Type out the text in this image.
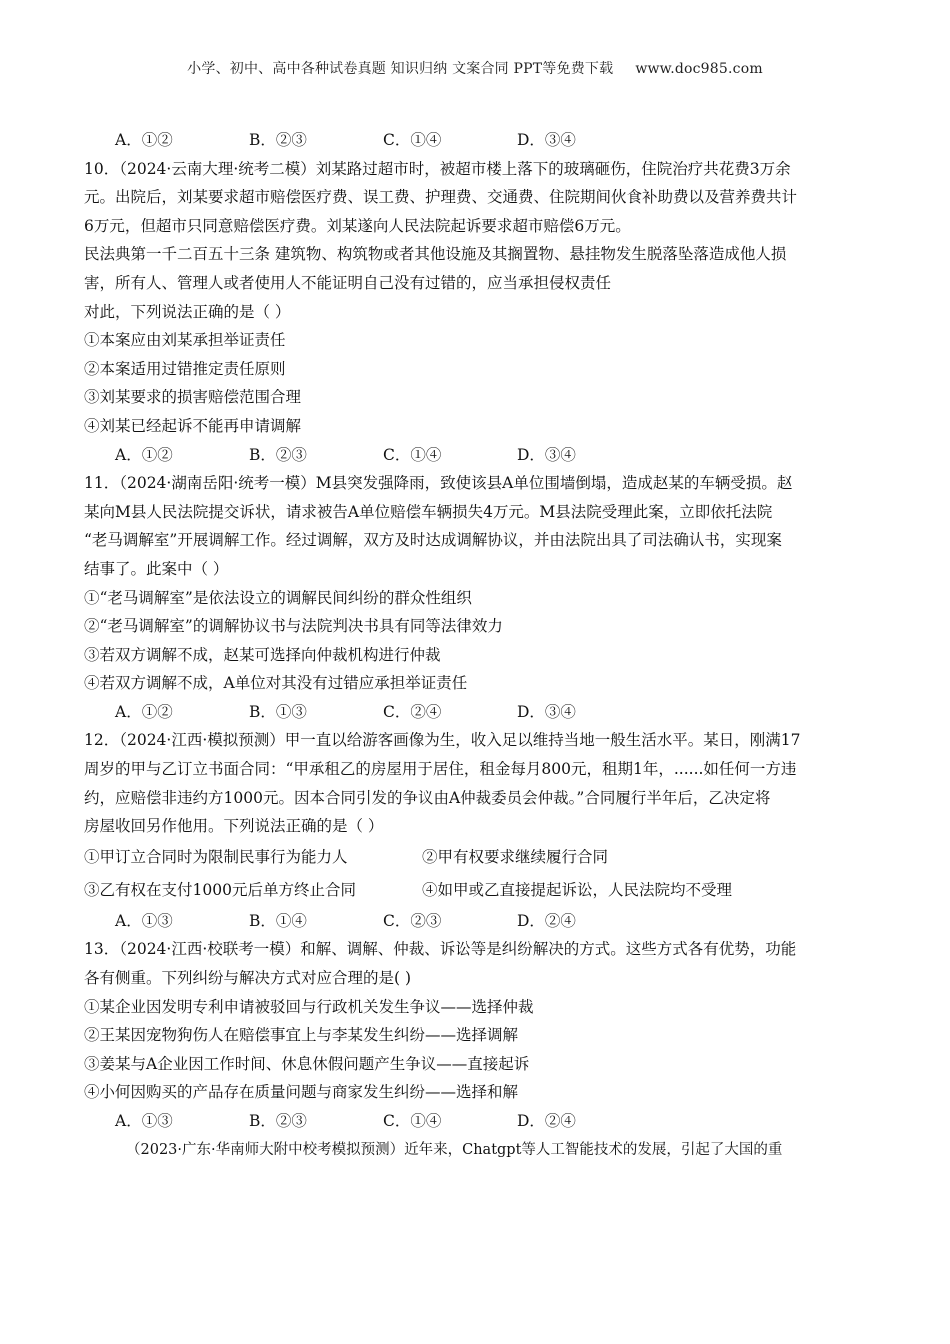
小学、初中、高中各种试卷真题 知识归纳 文案合同 PPT等免费下载 www.doc985.com
A．①②	B．②③	C．①④	D．③④
10．（2024·云南大理·统考二模）刘某路过超市时，被超市楼上落下的玻璃砸伤，住院治疗共花费3万余
元。出院后，刘某要求超市赔偿医疗费、误工费、护理费、交通费、住院期间伙食补助费以及营养费共计
6万元，但超市只同意赔偿医疗费。刘某遂向人民法院起诉要求超市赔偿6万元。
民法典第一千二百五十三条 建筑物、构筑物或者其他设施及其搁置物、悬挂物发生脱落坠落造成他人损
害，所有人、管理人或者使用人不能证明自己没有过错的，应当承担侵权责任
对此，下列说法正确的是（ ）
①本案应由刘某承担举证责任
②本案适用过错推定责任原则
③刘某要求的损害赔偿范围合理
④刘某已经起诉不能再申请调解
A．①②	B．②③	C．①④	D．③④
11．（2024·湖南岳阳·统考一模）M县突发强降雨，致使该县A单位围墙倒塌，造成赵某的车辆受损。赵
某向M县人民法院提交诉状，请求被告A单位赔偿车辆损失4万元。M县法院受理此案，立即依托法院
“老马调解室”开展调解工作。经过调解，双方及时达成调解协议，并由法院出具了司法确认书，实现案
结事了。此案中（ ）
①“老马调解室”是依法设立的调解民间纠纷的群众性组织
②“老马调解室”的调解协议书与法院判决书具有同等法律效力
③若双方调解不成，赵某可选择向仲裁机构进行仲裁
④若双方调解不成，A单位对其没有过错应承担举证责任
A．①②	B．①③	C．②④	D．③④
12．（2024·江西·模拟预测）甲一直以给游客画像为生，收入足以维持当地一般生活水平。某日，刚满17
周岁的甲与乙订立书面合同：“甲承租乙的房屋用于居住，租金每月800元，租期1年，......如任何一方违
约，应赔偿非违约方1000元。因本合同引发的争议由A仲裁委员会仲裁。”合同履行半年后，乙决定将
房屋收回另作他用。下列说法正确的是（ ）
①甲订立合同时为限制民事行为能力人	②甲有权要求继续履行合同
③乙有权在支付1000元后单方终止合同	④如甲或乙直接提起诉讼，人民法院均不受理
A．①③	B．①④	C．②③	D．②④
13．（2024·江西·校联考一模）和解、调解、仲裁、诉讼等是纠纷解决的方式。这些方式各有优势，功能
各有侧重。下列纠纷与解决方式对应合理的是( )
①某企业因发明专利申请被驳回与行政机关发生争议——选择仲裁
②王某因宠物狗伤人在赔偿事宜上与李某发生纠纷——选择调解
③姜某与A企业因工作时间、休息休假问题产生争议——直接起诉
④小何因购买的产品存在质量问题与商家发生纠纷——选择和解
A．①③	B．②③	C．①④	D．②④
（2023·广东·华南师大附中校考模拟预测）近年来，Chatgpt等人工智能技术的发展，引起了大国的重
